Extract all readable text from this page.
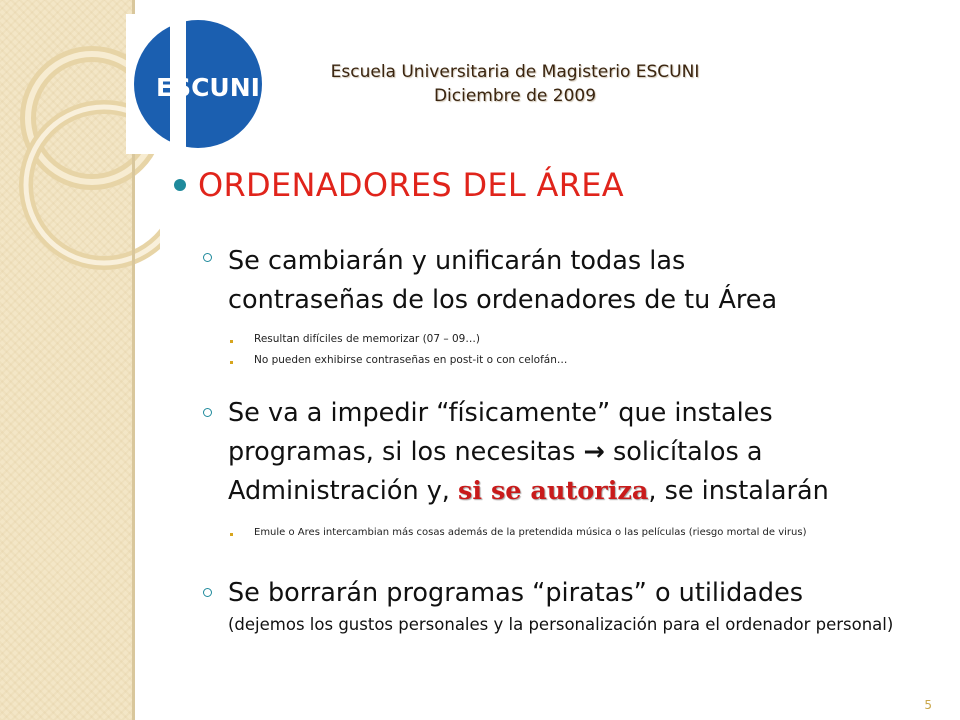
ESCUNI
Escuela Universitaria de Magisterio ESCUNI
Diciembre de 2009
ORDENADORES DEL ÁREA
Se cambiarán y unificarán todas las
contraseñas de los ordenadores de tu Área
Resultan difíciles de memorizar (07 – 09…)
No pueden exhibirse contraseñas en post-it o con celofán…
Se va a impedir “físicamente” que instales
programas, si los necesitas → solicítalos a
Administración y, si se autoriza, se instalarán
Emule o Ares intercambian más cosas además de la pretendida música o las películas (riesgo mortal de virus)
Se borrarán programas “piratas” o utilidades
(dejemos los gustos personales y la personalización para el ordenador personal)
5
